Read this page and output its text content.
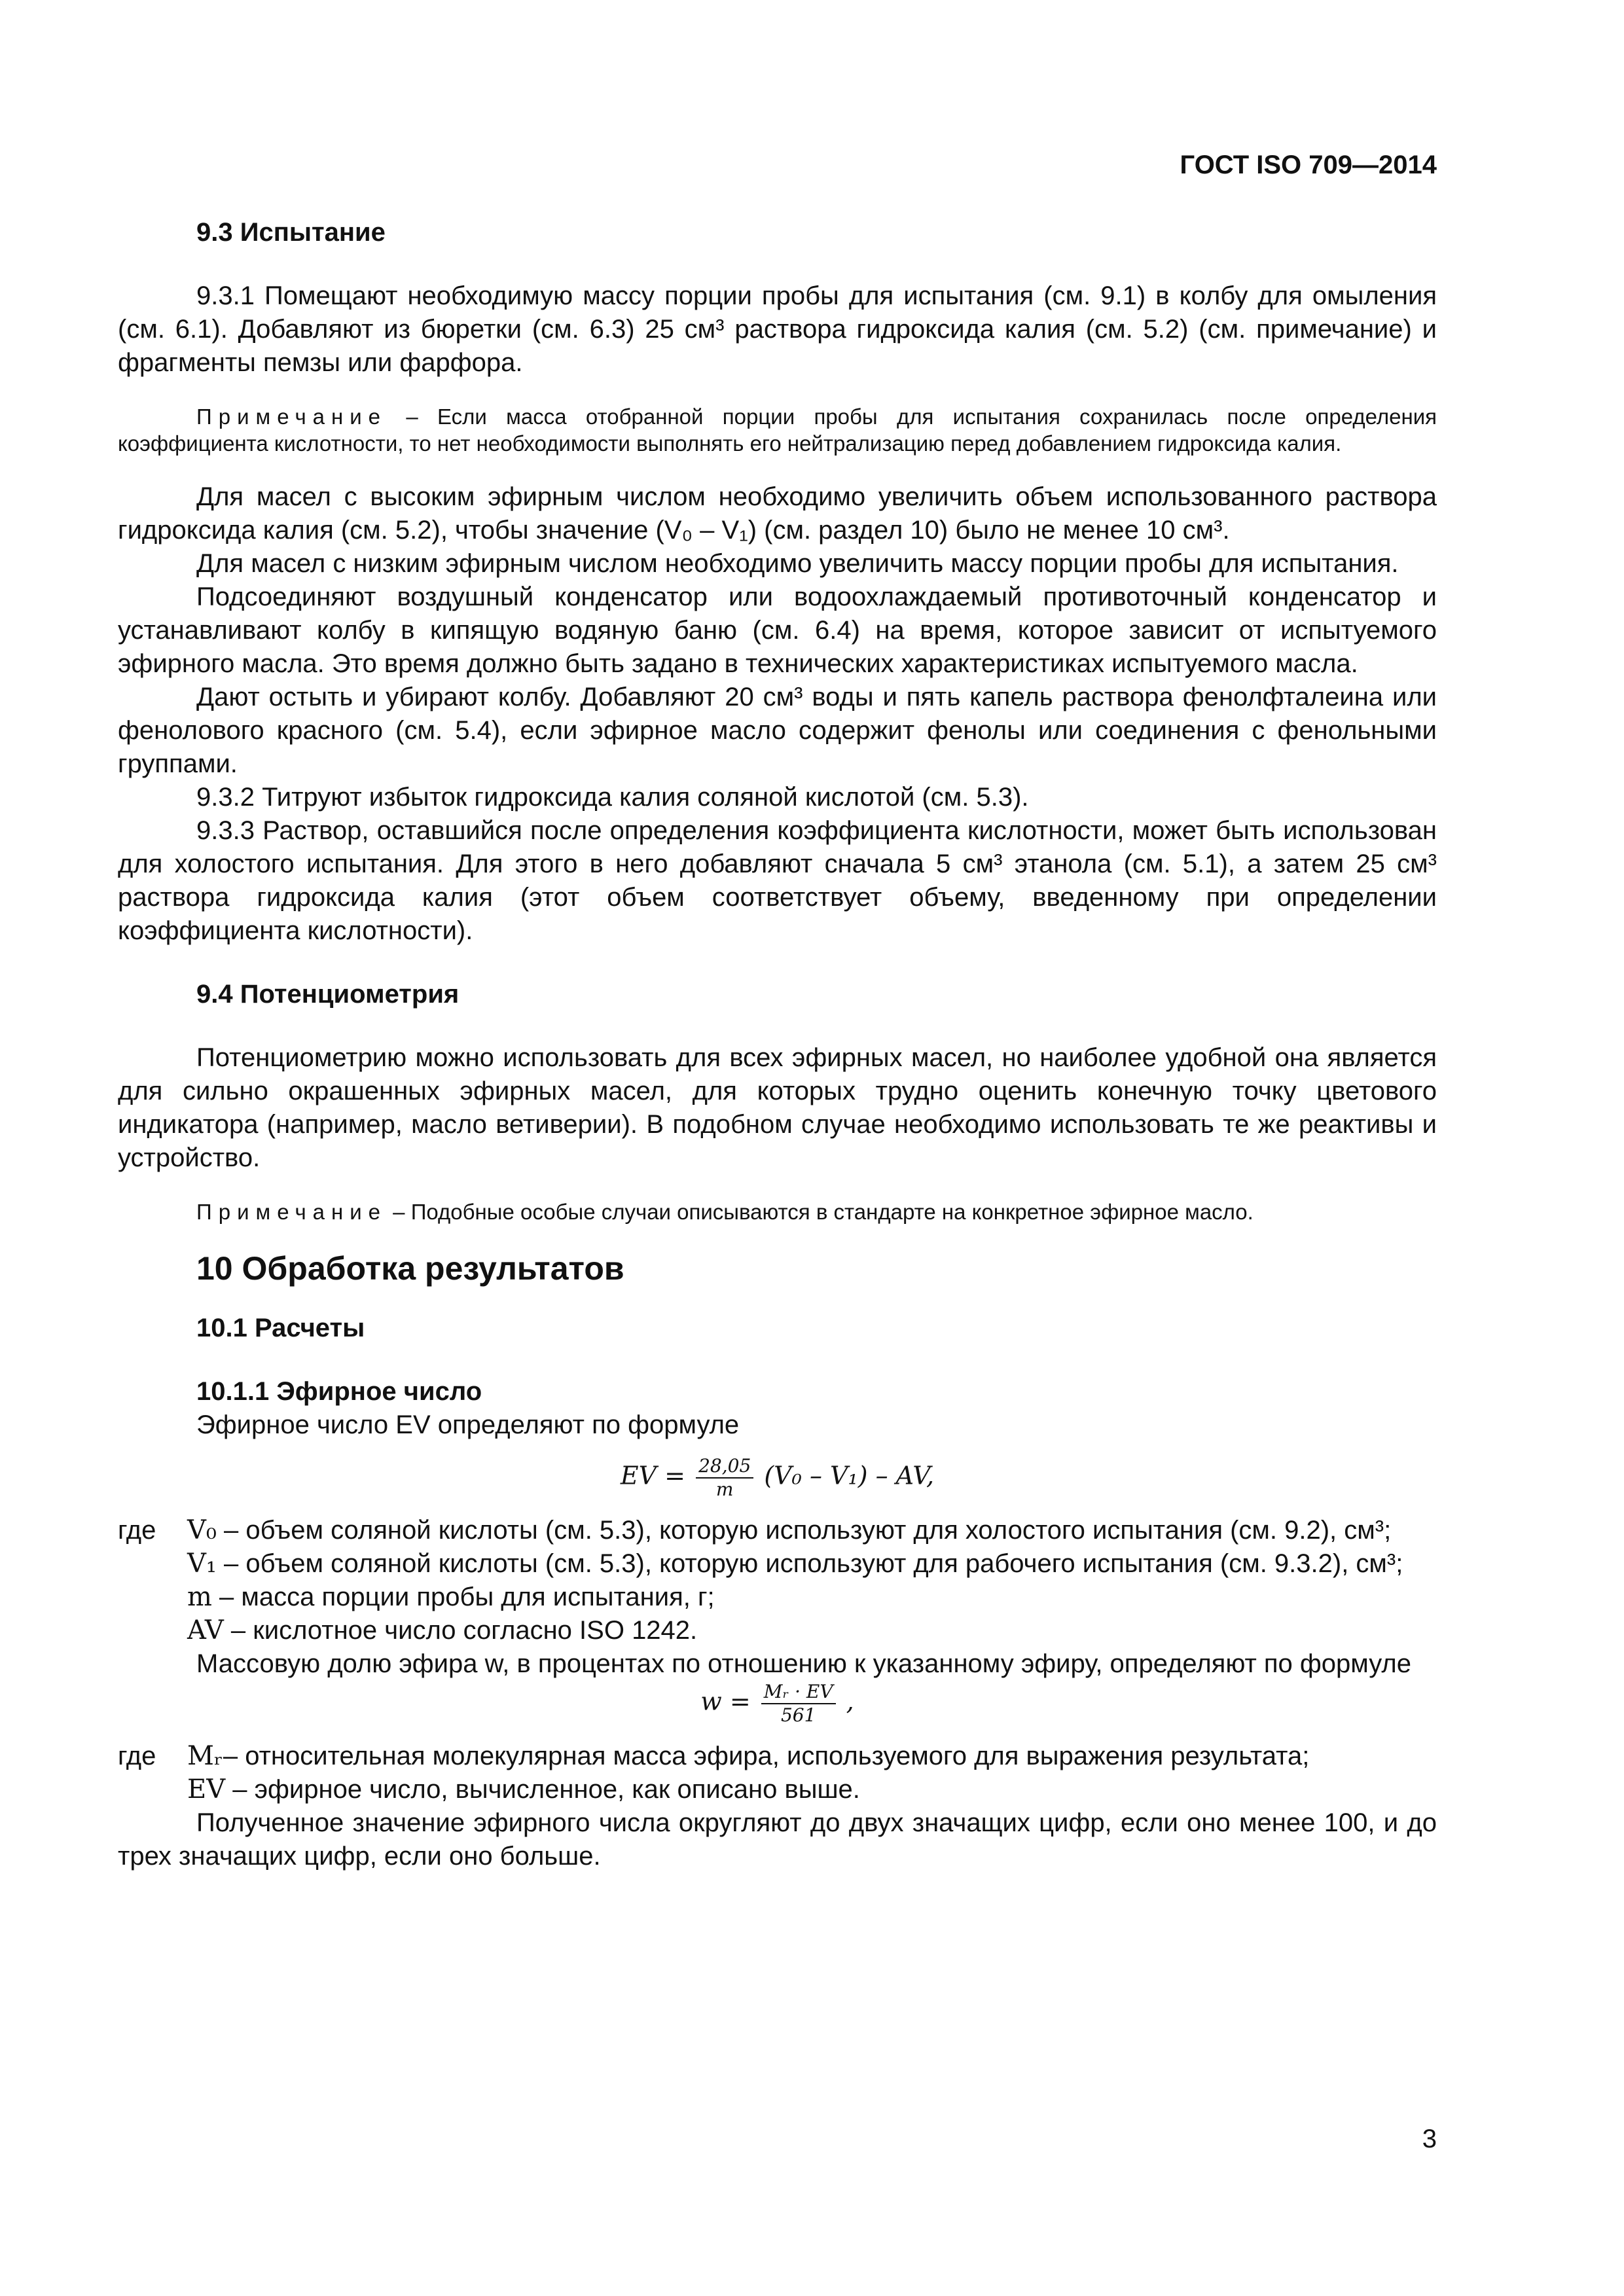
ГОСТ ISO 709—2014

9.3 Испытание

9.3.1 Помещают необходимую массу порции пробы для испытания (см. 9.1) в колбу для омыления (см. 6.1). Добавляют из бюретки (см. 6.3) 25 см³ раствора гидроксида калия (см. 5.2) (см. примечание) и фрагменты пемзы или фарфора.

Примечание – Если масса отобранной порции пробы для испытания сохранилась после определения коэффициента кислотности, то нет необходимости выполнять его нейтрализацию перед добавлением гидроксида калия.

Для масел с высоким эфирным числом необходимо увеличить объем использованного раствора гидроксида калия (см. 5.2), чтобы значение (V₀ – V₁) (см. раздел 10) было не менее 10 см³.

Для масел с низким эфирным числом необходимо увеличить массу порции пробы для испытания.

Подсоединяют воздушный конденсатор или водоохлаждаемый противоточный конденсатор и устанавливают колбу в кипящую водяную баню (см. 6.4) на время, которое зависит от испытуемого эфирного масла. Это время должно быть задано в технических характеристиках испытуемого масла.

Дают остыть и убирают колбу. Добавляют 20 см³ воды и пять капель раствора фенолфталеина или фенолового красного (см. 5.4), если эфирное масло содержит фенолы или соединения с фенольными группами.

9.3.2 Титруют избыток гидроксида калия соляной кислотой (см. 5.3).

9.3.3 Раствор, оставшийся после определения коэффициента кислотности, может быть использован для холостого испытания. Для этого в него добавляют сначала 5 см³ этанола (см. 5.1), а затем 25 см³ раствора гидроксида калия (этот объем соответствует объему, введенному при определении коэффициента кислотности).

9.4 Потенциометрия

Потенциометрию можно использовать для всех эфирных масел, но наиболее удобной она является для сильно окрашенных эфирных масел, для которых трудно оценить конечную точку цветового индикатора (например, масло ветиверии). В подобном случае необходимо использовать те же реактивы и устройство.

Примечание – Подобные особые случаи описываются в стандарте на конкретное эфирное масло.

10 Обработка результатов

10.1 Расчеты

10.1.1 Эфирное число

Эфирное число EV определяют по формуле

EV = $\frac{28,05}{m} (V_0 - V_1)$ – AV,

где	V₀ – объем соляной кислоты (см. 5.3), которую используют для холостого испытания (см. 9.2), см³;

V₁ – объем соляной кислоты (см. 5.3), которую используют для рабочего испытания (см. 9.3.2), см³;

m – масса порции пробы для испытания, г;

AV – кислотное число согласно ISO 1242.

Массовую долю эфира w, в процентах по отношению к указанному эфиру, определяют по формуле

$w = \frac{\text{Mᵣ · EV}}{561}$ ,

где	Mᵣ– относительная молекулярная масса эфира, используемого для выражения результата;

EV – эфирное число, вычисленное, как описано выше.

Полученное значение эфирного числа округляют до двух значащих цифр, если оно менее 100, и до трех значащих цифр, если оно больше.

3
